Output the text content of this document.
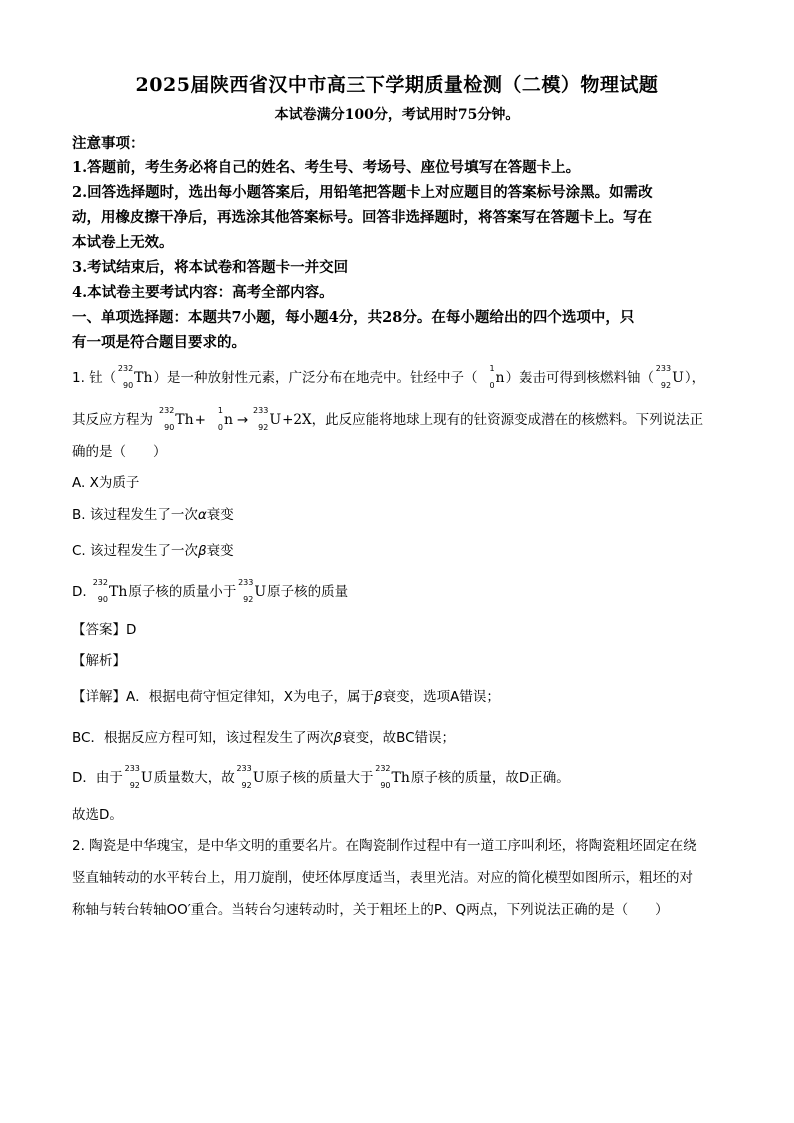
2025届陕西省汉中市高三下学期质量检测（二模）物理试题
本试卷满分100分，考试用时75分钟。
注意事项：
1.答题前，考生务必将自己的姓名、考生号、考场号、座位号填写在答题卡上。
2.回答选择题时，选出每小题答案后，用铅笔把答题卡上对应题目的答案标号涂黑。如需改
动，用橡皮擦干净后，再选涂其他答案标号。回答非选择题时，将答案写在答题卡上。写在
本试卷上无效。
3.考试结束后，将本试卷和答题卡一并交回
4.本试卷主要考试内容：高考全部内容。
一、单项选择题：本题共7小题，每小题4分，共28分。在每小题给出的四个选项中，只
有一项是符合题目要求的。
1. 钍（
232
90 Th）是一种放射性元素，广泛分布在地壳中。钍经中子（
1
0 n）轰击可得到核燃料铀（
233
92 U），
其反应方程为
232
90 Th+
1
0 n →
233
92 U+2X，此反应能将地球上现有的钍资源变成潜在的核燃料。下列说法正
确的是（　　）
A. X为质子
B. 该过程发生了一次α衰变
C. 该过程发生了一次β衰变
D.
232
90 Th原子核的质量小于
233
92 U原子核的质量
【答案】D
【解析】
【详解】A．根据电荷守恒定律知，X为电子，属于β衰变，选项A错误；
BC．根据反应方程可知，该过程发生了两次β衰变，故BC错误；
D．由于
233
92 U质量数大，故
233
92 U原子核的质量大于
232
90 Th原子核的质量，故D正确。
故选D。
2. 陶瓷是中华瑰宝，是中华文明的重要名片。在陶瓷制作过程中有一道工序叫利坯，将陶瓷粗坯固定在绕
竖直轴转动的水平转台上，用刀旋削，使坯体厚度适当，表里光洁。对应的简化模型如图所示，粗坯的对
称轴与转台转轴OO′重合。当转台匀速转动时，关于粗坯上的P、Q两点，下列说法正确的是（　　）
